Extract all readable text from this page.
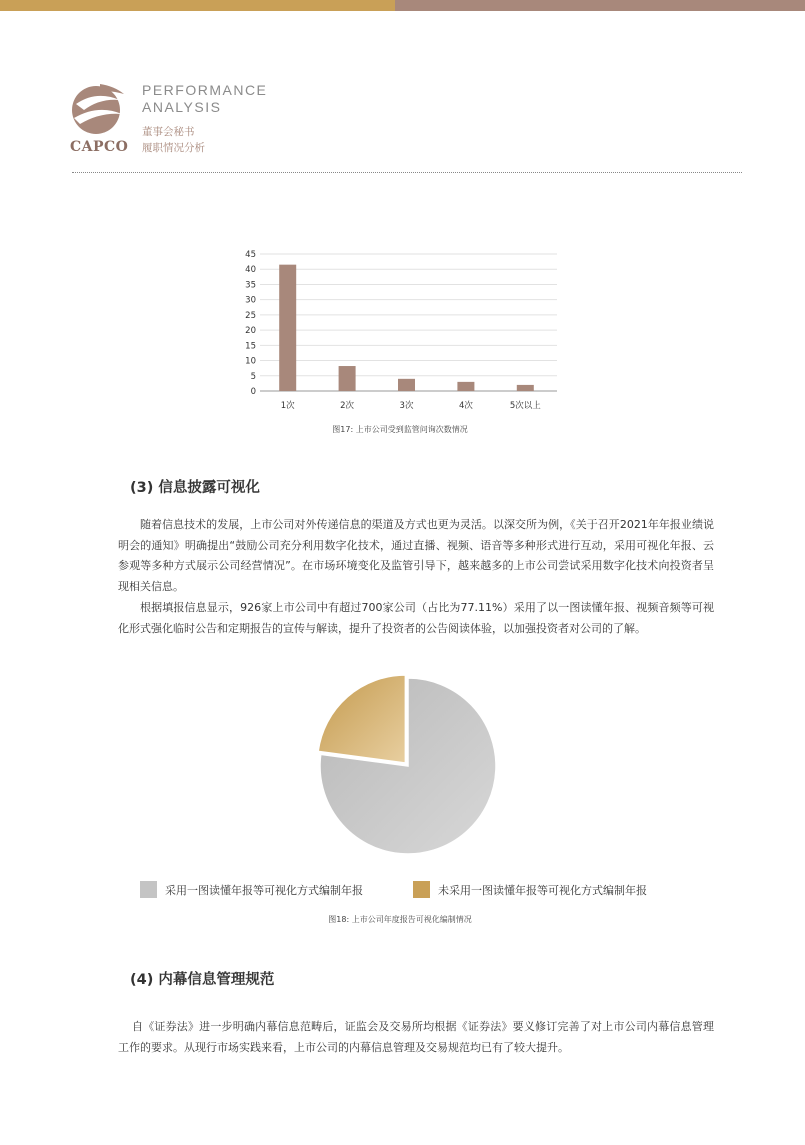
CAPCO
PERFORMANCE
ANALYSIS
董事会秘书
履职情况分析
0
5
10
15
20
25
30
35
40
45
1次	2次	3次	4次	5次以上
图17: 上市公司受到监管问询次数情况
(3) 信息披露可视化
随着信息技术的发展，上市公司对外传递信息的渠道及方式也更为灵活。以深交所为例，《关于召开2021年年报业绩说明会的通知》明确提出“鼓励公司充分利用数字化技术，通过直播、视频、语音等多种形式进行互动，采用可视化年报、云参观等多种方式展示公司经营情况”。在市场环境变化及监管引导下，越来越多的上市公司尝试采用数字化技术向投资者呈现相关信息。
根据填报信息显示，926家上市公司中有超过700家公司（占比为77.11%）采用了以一图读懂年报、视频音频等可视化形式强化临时公告和定期报告的宣传与解读，提升了投资者的公告阅读体验，以加强投资者对公司的了解。
采用一图读懂年报等可视化方式编制年报	未采用一图读懂年报等可视化方式编制年报
图18: 上市公司年度报告可视化编制情况
(4) 内幕信息管理规范
自《证券法》进一步明确内幕信息范畴后，证监会及交易所均根据《证券法》要义修订完善了对上市公司内幕信息管理工作的要求。从现行市场实践来看，上市公司的内幕信息管理及交易规范均已有了较大提升。
